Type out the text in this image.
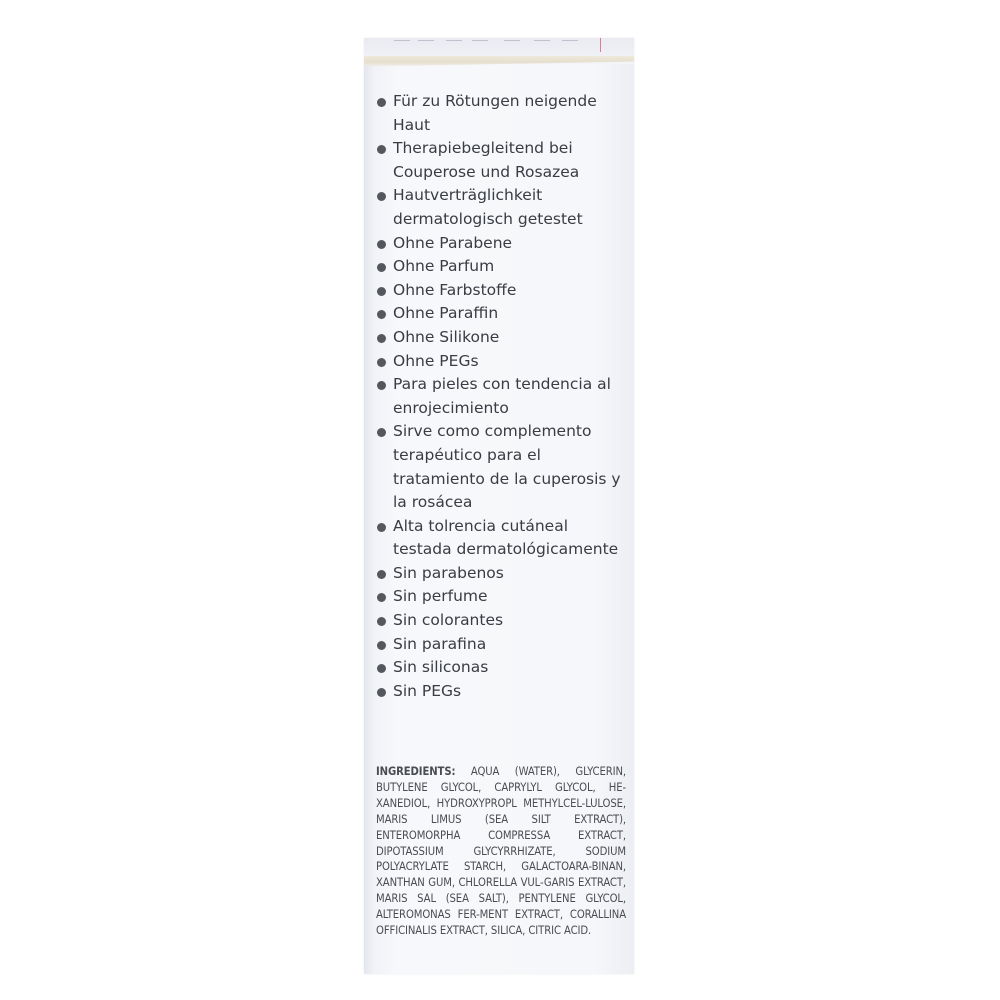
Für zu Rötungen neigende Haut
Therapiebegleitend bei Couperose und Rosazea
Hautverträglichkeit dermatologisch getestet
Ohne Parabene
Ohne Parfum
Ohne Farbstoffe
Ohne Paraffin
Ohne Silikone
Ohne PEGs
Para pieles con tendencia al enrojecimiento
Sirve como complemento terapéutico para el tratamiento de la cuperosis y la rosácea
Alta tolrencia cutáneal testada dermatológicamente
Sin parabenos
Sin perfume
Sin colorantes
Sin parafina
Sin siliconas
Sin PEGs
INGREDIENTS: AQUA (WATER), GLYCERIN, BUTYLENE GLYCOL, CAPRYLYL GLYCOL, HE-XANEDIOL, HYDROXYPROPL METHYLCEL-LULOSE, MARIS LIMUS (SEA SILT EXTRACT), ENTEROMORPHA COMPRESSA EXTRACT, DIPOTASSIUM GLYCYRRHIZATE, SODIUM POLYACRYLATE STARCH, GALACTOARA-BINAN, XANTHAN GUM, CHLORELLA VUL-GARIS EXTRACT, MARIS SAL (SEA SALT), PENTYLENE GLYCOL, ALTEROMONAS FER-MENT EXTRACT, CORALLINA OFFICINALIS EXTRACT, SILICA, CITRIC ACID.
